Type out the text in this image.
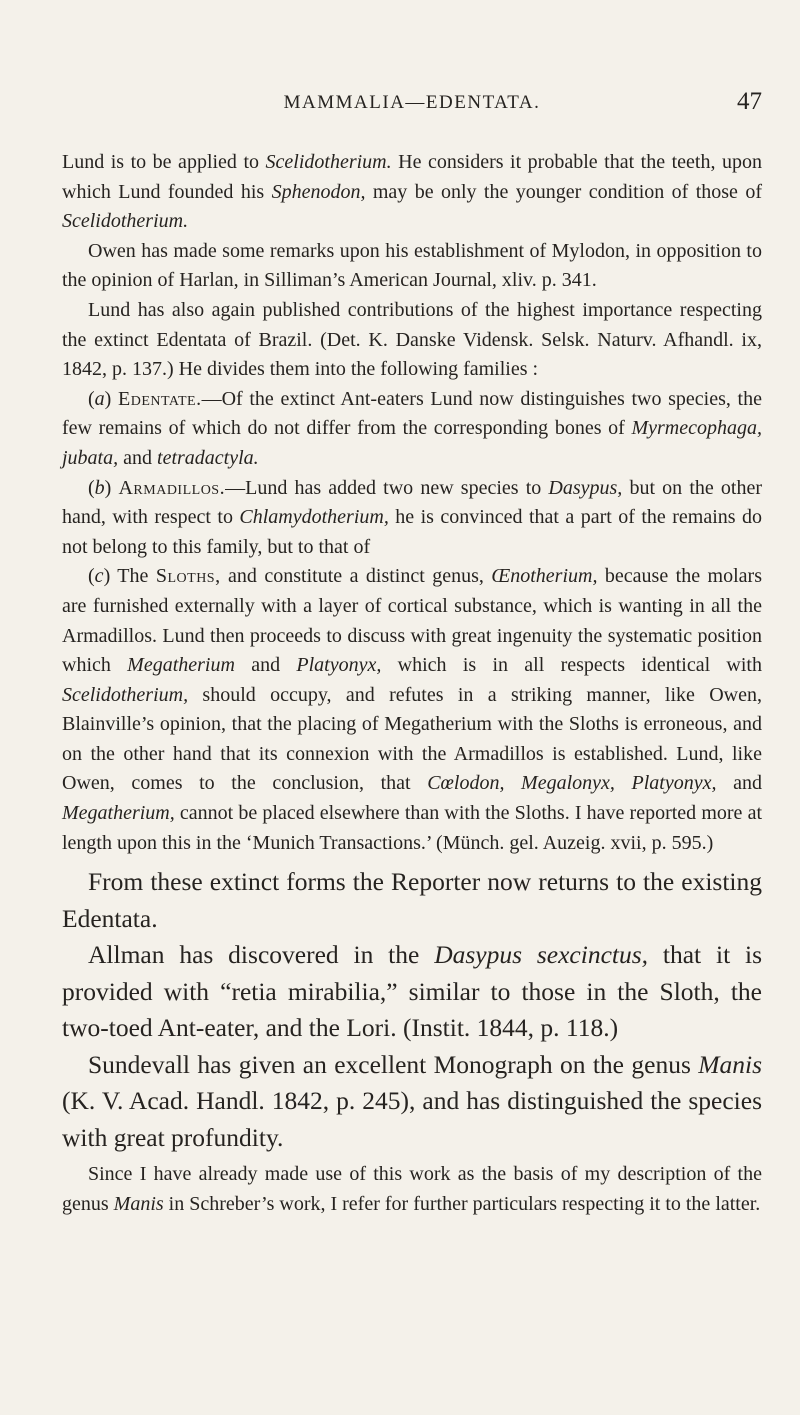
MAMMALIA—EDENTATA.	47

Lund is to be applied to Scelidotherium. He considers it probable that the teeth, upon which Lund founded his Sphenodon, may be only the younger condition of those of Scelidotherium.

Owen has made some remarks upon his establishment of Mylodon, in opposition to the opinion of Harlan, in Silliman’s American Journal, xliv. p. 341.

Lund has also again published contributions of the highest importance respecting the extinct Edentata of Brazil. (Det. K. Danske Vidensk. Selsk. Naturv. Afhandl. ix, 1842, p. 137.) He divides them into the following families :

(a) Edentate.—Of the extinct Ant-eaters Lund now distinguishes two species, the few remains of which do not differ from the corresponding bones of Myrmecophaga, jubata, and tetradactyla.

(b) Armadillos.—Lund has added two new species to Dasypus, but on the other hand, with respect to Chlamydotherium, he is convinced that a part of the remains do not belong to this family, but to that of

(c) The Sloths, and constitute a distinct genus, Œnotherium, because the molars are furnished externally with a layer of cortical substance, which is wanting in all the Armadillos. Lund then proceeds to discuss with great ingenuity the systematic position which Megatherium and Platyonyx, which is in all respects identical with Scelidotherium, should occupy, and refutes in a striking manner, like Owen, Blainville’s opinion, that the placing of Megatherium with the Sloths is erroneous, and on the other hand that its connexion with the Armadillos is established. Lund, like Owen, comes to the conclusion, that Cœlodon, Megalonyx, Platyonyx, and Megatherium, cannot be placed elsewhere than with the Sloths. I have reported more at length upon this in the ‘Munich Transactions.’ (Münch. gel. Auzeig. xvii, p. 595.)

From these extinct forms the Reporter now returns to the existing Edentata.

Allman has discovered in the Dasypus sexcinctus, that it is provided with “retia mirabilia,” similar to those in the Sloth, the two-toed Ant-eater, and the Lori. (Instit. 1844, p. 118.)

Sundevall has given an excellent Monograph on the genus Manis (K. V. Acad. Handl. 1842, p. 245), and has distinguished the species with great profundity.

Since I have already made use of this work as the basis of my description of the genus Manis in Schreber’s work, I refer for further particulars respecting it to the latter.
